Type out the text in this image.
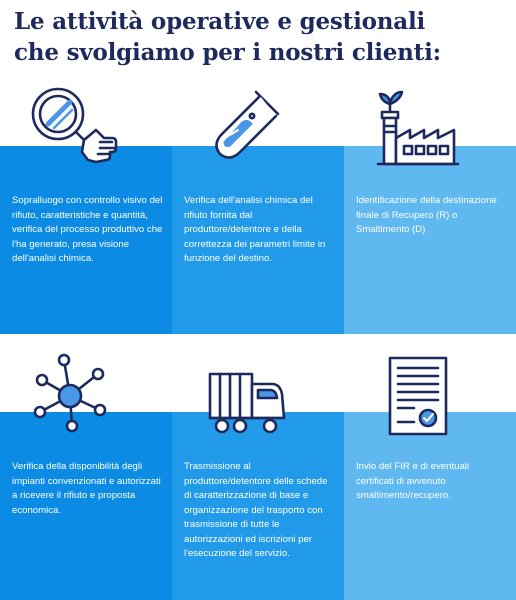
Le attività operative e gestionali
che svolgiamo per i nostri clienti:

Sopralluogo con controllo visivo del rifiuto, caratteristiche e quantità, verifica del processo produttivo che l'ha generato, presa visione dell'analisi chimica.

Verifica dell'analisi chimica del rifiuto fornita dal produttore/detentore e della correttezza dei parametri limite in funzione del destino.

Identificazione della destinazione finale di Recupero (R) o Smaltimento (D)

Verifica della disponibilità degli impianti convenzionati e autorizzati a ricevere il rifiuto e proposta economica.

Trasmissione al produttore/detentore delle schede di caratterizzazione di base e organizzazione del trasporto con trasmissione di tutte le autorizzazioni ed iscrizioni per l'esecuzione del servizio.

Invio del FIR e di eventuali certificati di avvenuto smaltimento/recupero.
